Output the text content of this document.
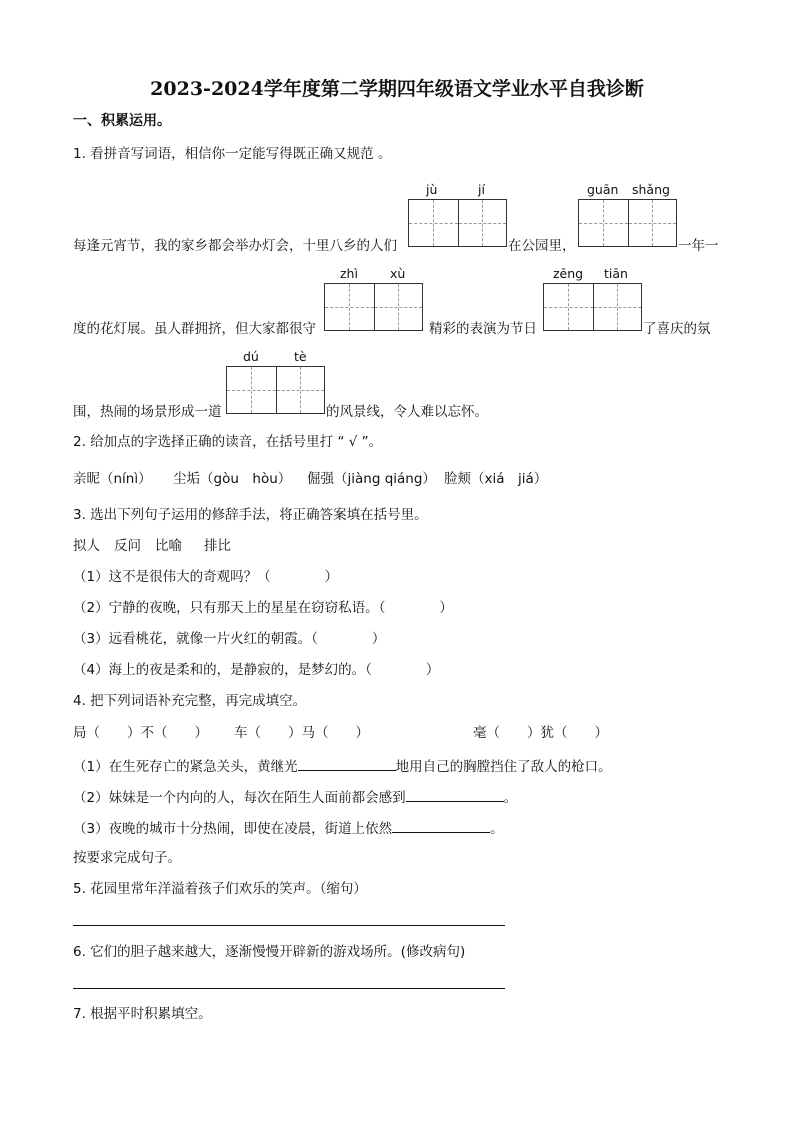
2023-2024学年度第二学期四年级语文学业水平自我诊断
一、积累运用。
1. 看拼音写词语，相信你一定能写得既正确又规范 。
jù	jí	guān shǎng
每逢元宵节，我的家乡都会举办灯会，十里八乡的人们	在公园里，	一年一
zhì	xù	zēng tiān
度的花灯展。虽人群拥挤，但大家都很守	精彩的表演为节日	了喜庆的氛
dú	tè
围，热闹的场景形成一道	的风景线，令人难以忘怀。
2. 给加点的字选择正确的读音，在括号里打 “ √ ”。
亲昵（nínì） 尘垢（gòu　hòu） 倔强（jiàng qiáng） 脸颊（xiá　jiá）
3. 选出下列句子运用的修辞手法，将正确答案填在括号里。
拟人 反问 比喻 排比
（1）这不是很伟大的奇观吗？（　　　　）
（2）宁静的夜晚，只有那天上的星星在窃窃私语。（　　　　）
（3）远看桃花，就像一片火红的朝霞。（　　　　）
（4）海上的夜是柔和的，是静寂的，是梦幻的。（　　　　）
4. 把下列词语补充完整，再完成填空。
局（　　）不（　　） 车（　　）马（　　）	毫（　　）犹（　　）
（1）在生死存亡的紧急关头，黄继光	地用自己的胸膛挡住了敌人的枪口。
（2）妹妹是一个内向的人，每次在陌生人面前都会感到	。
（3）夜晚的城市十分热闹，即使在凌晨，街道上依然	。
按要求完成句子。
5. 花园里常年洋溢着孩子们欢乐的笑声。（缩句）
6. 它们的胆子越来越大，逐渐慢慢开辟新的游戏场所。(修改病句)
7. 根据平时积累填空。
